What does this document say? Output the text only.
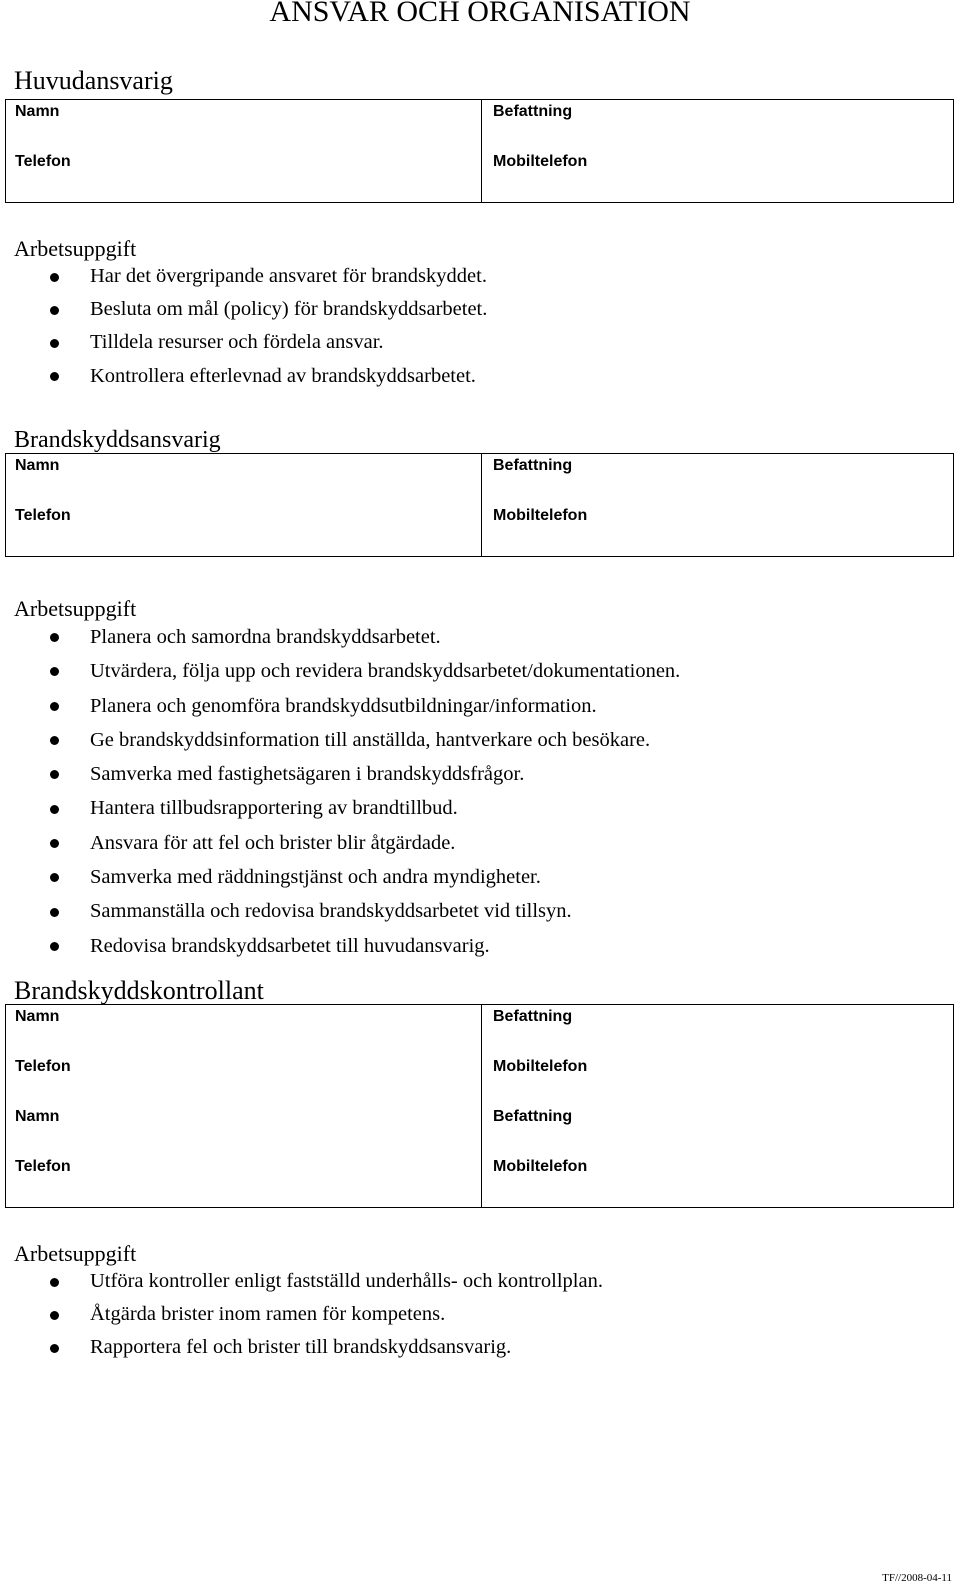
ANSVAR OCH ORGANISATION
Huvudansvarig
Namn	Befattning
Telefon	Mobiltelefon
Arbetsuppgift
Har det övergripande ansvaret för brandskyddet.
Besluta om mål (policy) för brandskyddsarbetet.
Tilldela resurser och fördela ansvar.
Kontrollera efterlevnad av brandskyddsarbetet.
Brandskyddsansvarig
Namn	Befattning
Telefon	Mobiltelefon
Arbetsuppgift
Planera och samordna brandskyddsarbetet.
Utvärdera, följa upp och revidera brandskyddsarbetet/dokumentationen.
Planera och genomföra brandskyddsutbildningar/information.
Ge brandskyddsinformation till anställda, hantverkare och besökare.
Samverka med fastighetsägaren i brandskyddsfrågor.
Hantera tillbudsrapportering av brandtillbud.
Ansvara för att fel och brister blir åtgärdade.
Samverka med räddningstjänst och andra myndigheter.
Sammanställa och redovisa brandskyddsarbetet vid tillsyn.
Redovisa brandskyddsarbetet till huvudansvarig.
Brandskyddskontrollant
Namn	Befattning
Telefon	Mobiltelefon
Namn	Befattning
Telefon	Mobiltelefon
Arbetsuppgift
Utföra kontroller enligt fastställd underhålls- och kontrollplan.
Åtgärda brister inom ramen för kompetens.
Rapportera fel och brister till brandskyddsansvarig.
TF//2008-04-11
